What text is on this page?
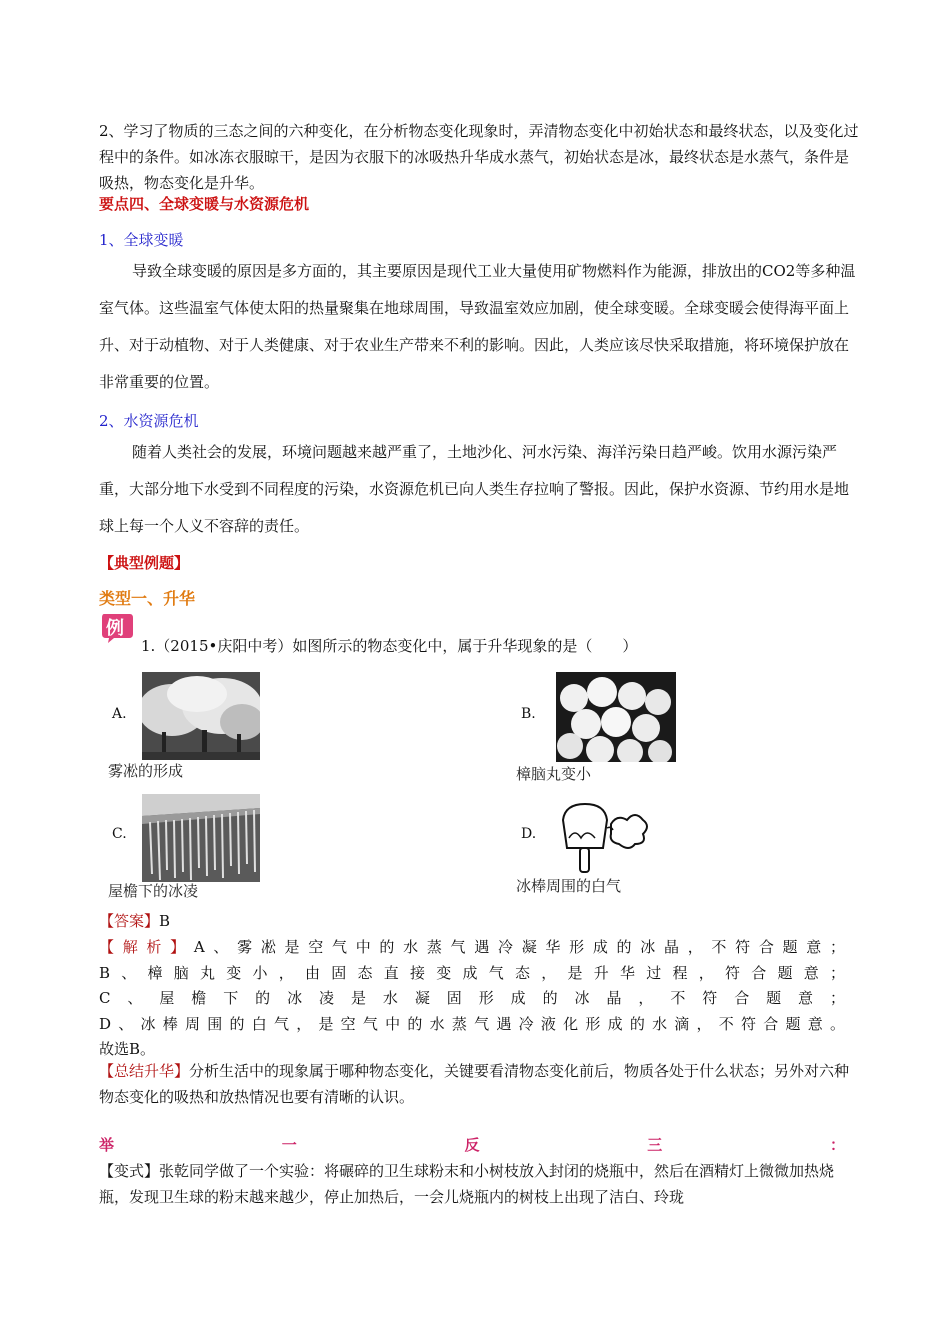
2、学习了物质的三态之间的六种变化，在分析物态变化现象时，弄清物态变化中初始状态和最终状态，以及变化过程中的条件。如冰冻衣服晾干，是因为衣服下的冰吸热升华成水蒸气，初始状态是冰，最终状态是水蒸气，条件是吸热，物态变化是升华。

要点四、全球变暖与水资源危机

1、全球变暖

导致全球变暖的原因是多方面的，其主要原因是现代工业大量使用矿物燃料作为能源，排放出的CO2等多种温室气体。这些温室气体使太阳的热量聚集在地球周围，导致温室效应加剧，使全球变暖。全球变暖会使得海平面上升、对于动植物、对于人类健康、对于农业生产带来不利的影响。因此，人类应该尽快采取措施，将环境保护放在非常重要的位置。

2、水资源危机

随着人类社会的发展，环境问题越来越严重了，土地沙化、河水污染、海洋污染日趋严峻。饮用水源污染严重，大部分地下水受到不同程度的污染，水资源危机已向人类生存拉响了警报。因此，保护水资源、节约用水是地球上每一个人义不容辞的责任。

【典型例题】

类型一、升华

例

1.（2015•庆阳中考）如图所示的物态变化中，属于升华现象的是（　　）

A.
雾凇的形成
B.
樟脑丸变小
C.
屋檐下的冰凌
D.
冰棒周围的白气

【答案】B

【解析】A、雾凇是空气中的水蒸气遇冷凝华形成的冰晶，不符合题意；

B、樟脑丸变小，由固态直接变成气态，是升华过程，符合题意；

C、屋檐下的冰凌是水凝固形成的冰晶，不符合题意；

D、冰棒周围的白气，是空气中的水蒸气遇冷液化形成的水滴，不符合题意。

故选B。

【总结升华】分析生活中的现象属于哪种物态变化，关键要看清物态变化前后，物质各处于什么状态；另外对六种物态变化的吸热和放热情况也要有清晰的认识。

举	一	反	三	：

【变式】张乾同学做了一个实验：将碾碎的卫生球粉末和小树枝放入封闭的烧瓶中，然后在酒精灯上微微加热烧瓶，发现卫生球的粉末越来越少，停止加热后，一会儿烧瓶内的树枝上出现了洁白、玲珑
